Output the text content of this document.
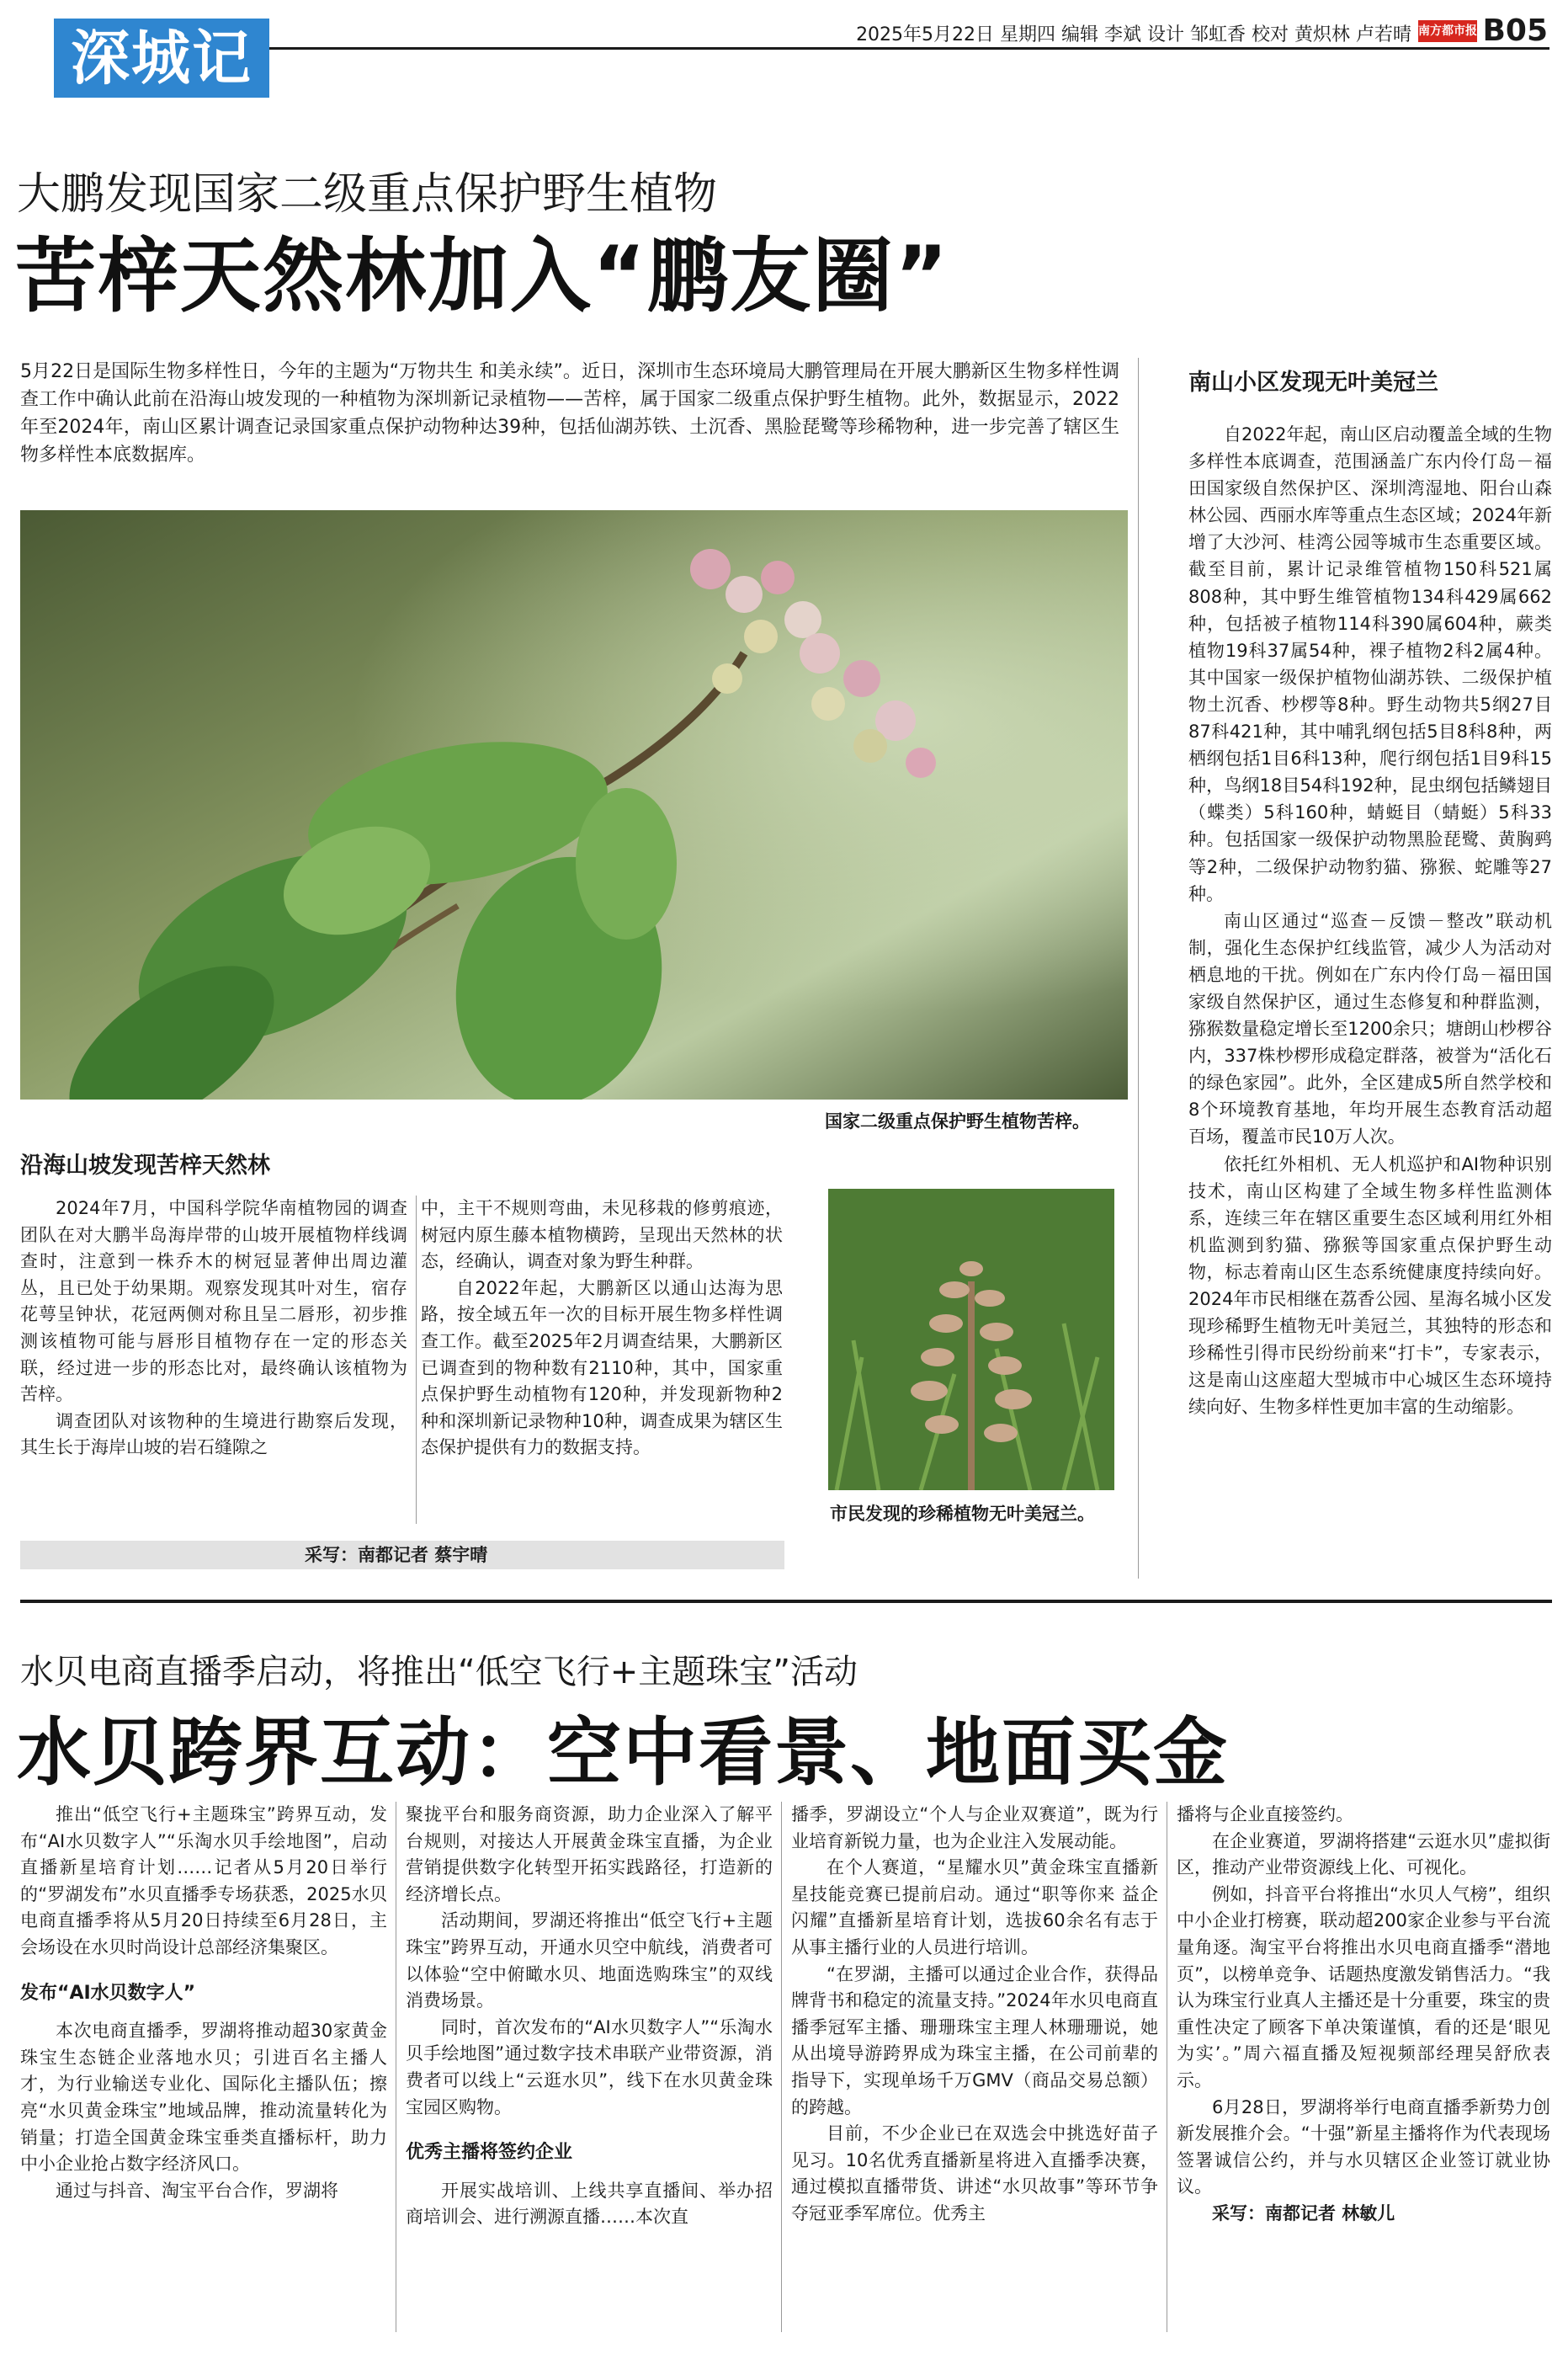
深城记	2025年5月22日 星期四 编辑 李斌 设计 邹虹香 校对 黄炽林 卢若晴 南方都市报 B05
大鹏发现国家二级重点保护野生植物
苦梓天然林加入“鹏友圈”
5月22日是国际生物多样性日，今年的主题为“万物共生 和美永续”。近日，深圳市生态环境局大鹏管理局在开展大鹏新区生物多样性调查工作中确认此前在沿海山坡发现的一种植物为深圳新记录植物——苦梓，属于国家二级重点保护野生植物。此外，数据显示，2022年至2024年，南山区累计调查记录国家重点保护动物种达39种，包括仙湖苏铁、土沉香、黑脸琵鹭等珍稀物种，进一步完善了辖区生物多样性本底数据库。
国家二级重点保护野生植物苦梓。
沿海山坡发现苦梓天然林

2024年7月，中国科学院华南植物园的调查团队在对大鹏半岛海岸带的山坡开展植物样线调查时，注意到一株乔木的树冠显著伸出周边灌丛，且已处于幼果期。观察发现其叶对生，宿存花萼呈钟状，花冠两侧对称且呈二唇形，初步推测该植物可能与唇形目植物存在一定的形态关联，经过进一步的形态比对，最终确认该植物为苦梓。

调查团队对该物种的生境进行勘察后发现，其生长于海岸山坡的岩石缝隙之

中，主干不规则弯曲，未见移栽的修剪痕迹，树冠内原生藤本植物横跨，呈现出天然林的状态，经确认，调查对象为野生种群。

自2022年起，大鹏新区以通山达海为思路，按全域五年一次的目标开展生物多样性调查工作。截至2025年2月调查结果，大鹏新区已调查到的物种数有2110种，其中，国家重点保护野生动植物有120种，并发现新物种2种和深圳新记录物种10种，调查成果为辖区生态保护提供有力的数据支持。

市民发现的珍稀植物无叶美冠兰。
采写：南都记者 蔡宇晴
南山小区发现无叶美冠兰

自2022年起，南山区启动覆盖全域的生物多样性本底调查，范围涵盖广东内伶仃岛－福田国家级自然保护区、深圳湾湿地、阳台山森林公园、西丽水库等重点生态区域；2024年新增了大沙河、桂湾公园等城市生态重要区域。截至目前，累计记录维管植物150科521属808种，其中野生维管植物134科429属662种，包括被子植物114科390属604种，蕨类植物19科37属54种，裸子植物2科2属4种。其中国家一级保护植物仙湖苏铁、二级保护植物土沉香、杪椤等8种。野生动物共5纲27目87科421种，其中哺乳纲包括5目8科8种，两栖纲包括1目6科13种，爬行纲包括1目9科15种，鸟纲18目54科192种，昆虫纲包括鳞翅目（蝶类）5科160种，蜻蜓目（蜻蜓）5科33种。包括国家一级保护动物黑脸琵鹭、黄胸鹀等2种，二级保护动物豹猫、猕猴、蛇雕等27种。

南山区通过“巡查－反馈－整改”联动机制，强化生态保护红线监管，减少人为活动对栖息地的干扰。例如在广东内伶仃岛－福田国家级自然保护区，通过生态修复和种群监测，猕猴数量稳定增长至1200余只；塘朗山杪椤谷内，337株杪椤形成稳定群落，被誉为“活化石的绿色家园”。此外，全区建成5所自然学校和8个环境教育基地，年均开展生态教育活动超百场，覆盖市民10万人次。

依托红外相机、无人机巡护和AI物种识别技术，南山区构建了全域生物多样性监测体系，连续三年在辖区重要生态区域利用红外相机监测到豹猫、猕猴等国家重点保护野生动物，标志着南山区生态系统健康度持续向好。2024年市民相继在荔香公园、星海名城小区发现珍稀野生植物无叶美冠兰，其独特的形态和珍稀性引得市民纷纷前来“打卡”，专家表示，这是南山这座超大型城市中心城区生态环境持续向好、生物多样性更加丰富的生动缩影。

水贝电商直播季启动，将推出“低空飞行+主题珠宝”活动
水贝跨界互动：空中看景、地面买金

推出“低空飞行+主题珠宝”跨界互动，发布“AI水贝数字人”“乐淘水贝手绘地图”，启动直播新星培育计划……记者从5月20日举行的“罗湖发布”水贝直播季专场获悉，2025水贝电商直播季将从5月20日持续至6月28日，主会场设在水贝时尚设计总部经济集聚区。

发布“AI水贝数字人”

本次电商直播季，罗湖将推动超30家黄金珠宝生态链企业落地水贝；引进百名主播人才，为行业输送专业化、国际化主播队伍；擦亮“水贝黄金珠宝”地域品牌，推动流量转化为销量；打造全国黄金珠宝垂类直播标杆，助力中小企业抢占数字经济风口。

通过与抖音、淘宝平台合作，罗湖将

聚拢平台和服务商资源，助力企业深入了解平台规则，对接达人开展黄金珠宝直播，为企业营销提供数字化转型开拓实践路径，打造新的经济增长点。

活动期间，罗湖还将推出“低空飞行+主题珠宝”跨界互动，开通水贝空中航线，消费者可以体验“空中俯瞰水贝、地面选购珠宝”的双线消费场景。

同时，首次发布的“AI水贝数字人”“乐淘水贝手绘地图”通过数字技术串联产业带资源，消费者可以线上“云逛水贝”，线下在水贝黄金珠宝园区购物。

优秀主播将签约企业

开展实战培训、上线共享直播间、举办招商培训会、进行溯源直播……本次直

播季，罗湖设立“个人与企业双赛道”，既为行业培育新锐力量，也为企业注入发展动能。

在个人赛道，“星耀水贝”黄金珠宝直播新星技能竞赛已提前启动。通过“职等你来 益企闪耀”直播新星培育计划，选拔60余名有志于从事主播行业的人员进行培训。

“在罗湖，主播可以通过企业合作，获得品牌背书和稳定的流量支持。”2024年水贝电商直播季冠军主播、珊珊珠宝主理人林珊珊说，她从出境导游跨界成为珠宝主播，在公司前辈的指导下，实现单场千万GMV（商品交易总额）的跨越。

目前，不少企业已在双选会中挑选好苗子见习。10名优秀直播新星将进入直播季决赛，通过模拟直播带货、讲述“水贝故事”等环节争夺冠亚季军席位。优秀主

播将与企业直接签约。

在企业赛道，罗湖将搭建“云逛水贝”虚拟街区，推动产业带资源线上化、可视化。

例如，抖音平台将推出“水贝人气榜”，组织中小企业打榜赛，联动超200家企业参与平台流量角逐。淘宝平台将推出水贝电商直播季“潜地页”，以榜单竞争、话题热度激发销售活力。“我认为珠宝行业真人主播还是十分重要，珠宝的贵重性决定了顾客下单决策谨慎，看的还是‘眼见为实’。”周六福直播及短视频部经理吴舒欣表示。

6月28日，罗湖将举行电商直播季新势力创新发展推介会。“十强”新星主播将作为代表现场签署诚信公约，并与水贝辖区企业签订就业协议。

采写：南都记者 林敏儿
